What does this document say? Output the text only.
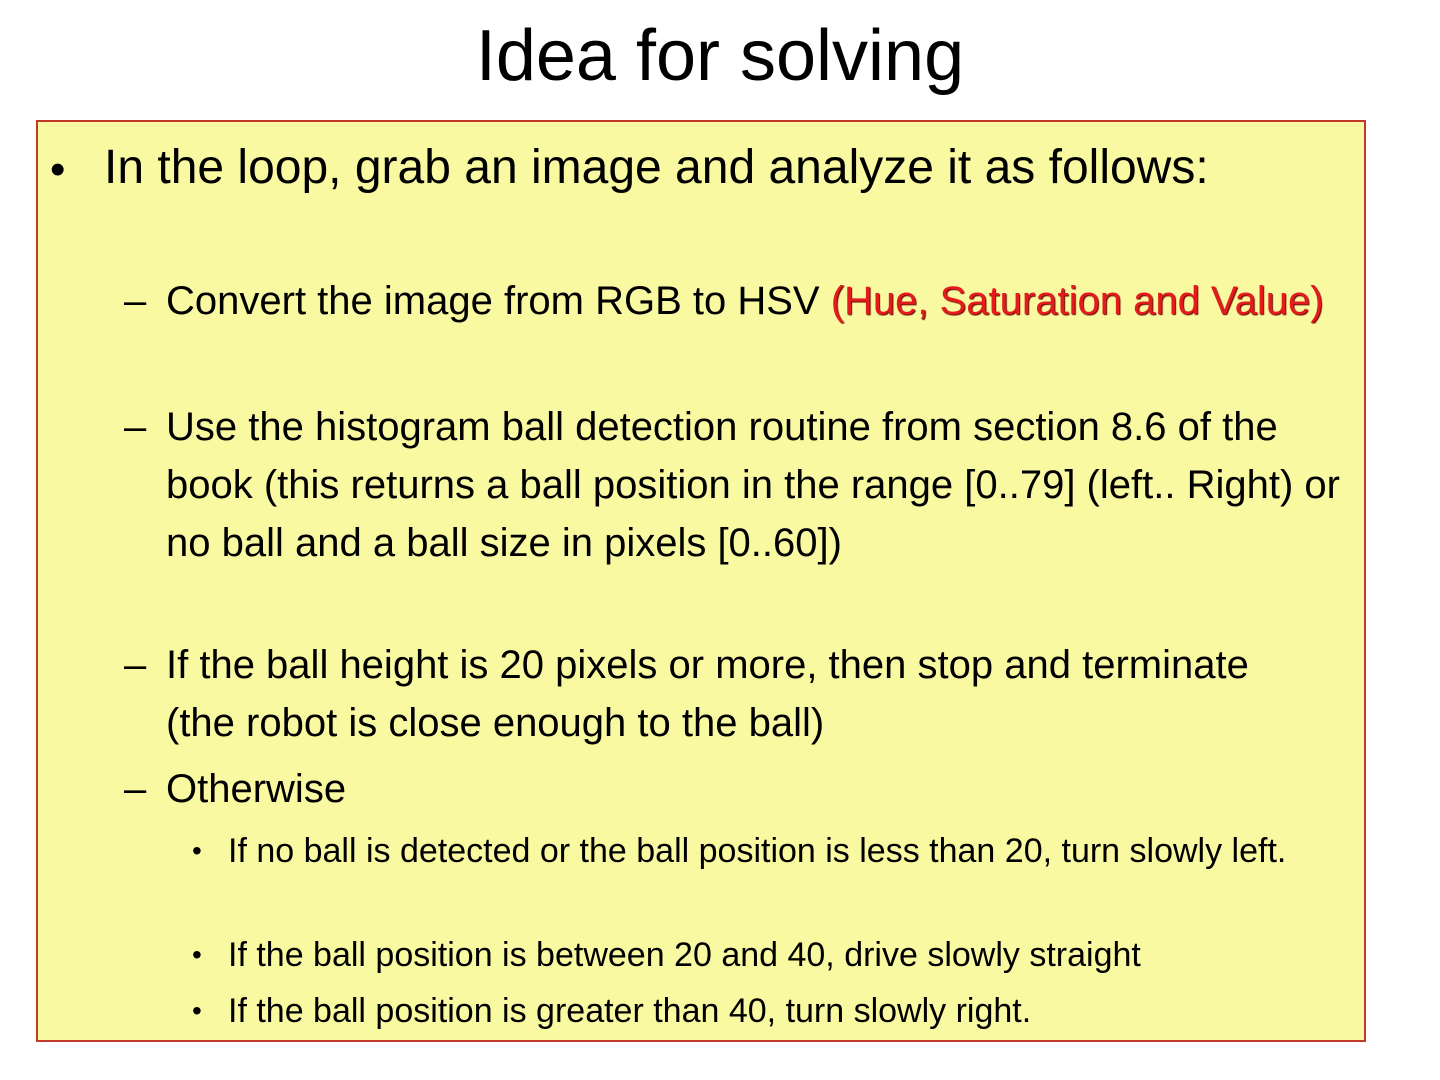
Idea for solving
• In the loop, grab an image and analyze it as follows:
– Convert the image from RGB to HSV (Hue, Saturation and Value)
– Use the histogram ball detection routine from section 8.6 of the book (this returns a ball position in the range [0..79] (left.. Right) or no ball and a ball size in pixels [0..60])
– If the ball height is 20 pixels or more, then stop and terminate (the robot is close enough to the ball)
– Otherwise
• If no ball is detected or the ball position is less than 20, turn slowly left.
• If the ball position is between 20 and 40, drive slowly straight
• If the ball position is greater than 40, turn slowly right.
